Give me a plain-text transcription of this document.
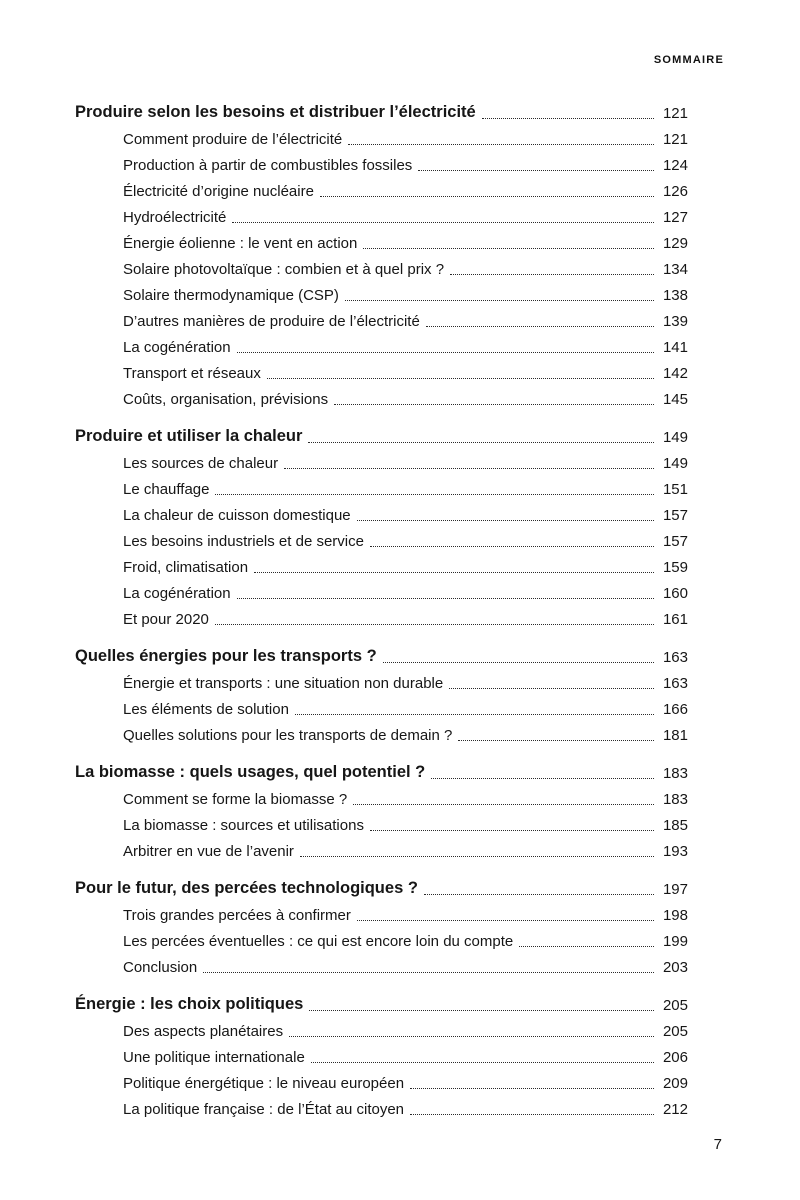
SOMMAIRE
Produire selon les besoins et distribuer l’électricité	121
Comment produire de l’électricité	121
Production à partir de combustibles fossiles	124
Électricité d’origine nucléaire	126
Hydroélectricité	127
Énergie éolienne : le vent en action	129
Solaire photovoltaïque : combien et à quel prix ?	134
Solaire thermodynamique (CSP)	138
D’autres manières de produire de l’électricité	139
La cogénération	141
Transport et réseaux	142
Coûts, organisation, prévisions	145
Produire et utiliser la chaleur	149
Les sources de chaleur	149
Le chauffage	151
La chaleur de cuisson domestique	157
Les besoins industriels et de service	157
Froid, climatisation	159
La cogénération	160
Et pour 2020	161
Quelles énergies pour les transports ?	163
Énergie et transports : une situation non durable	163
Les éléments de solution	166
Quelles solutions pour les transports de demain ?	181
La biomasse : quels usages, quel potentiel ?	183
Comment se forme la biomasse ?	183
La biomasse : sources et utilisations	185
Arbitrer en vue de l’avenir	193
Pour le futur, des percées technologiques ?	197
Trois grandes percées à confirmer	198
Les percées éventuelles : ce qui est encore loin du compte	199
Conclusion	203
Énergie : les choix politiques	205
Des aspects planétaires	205
Une politique internationale	206
Politique énergétique : le niveau européen	209
La politique française : de l’État au citoyen	212
7
